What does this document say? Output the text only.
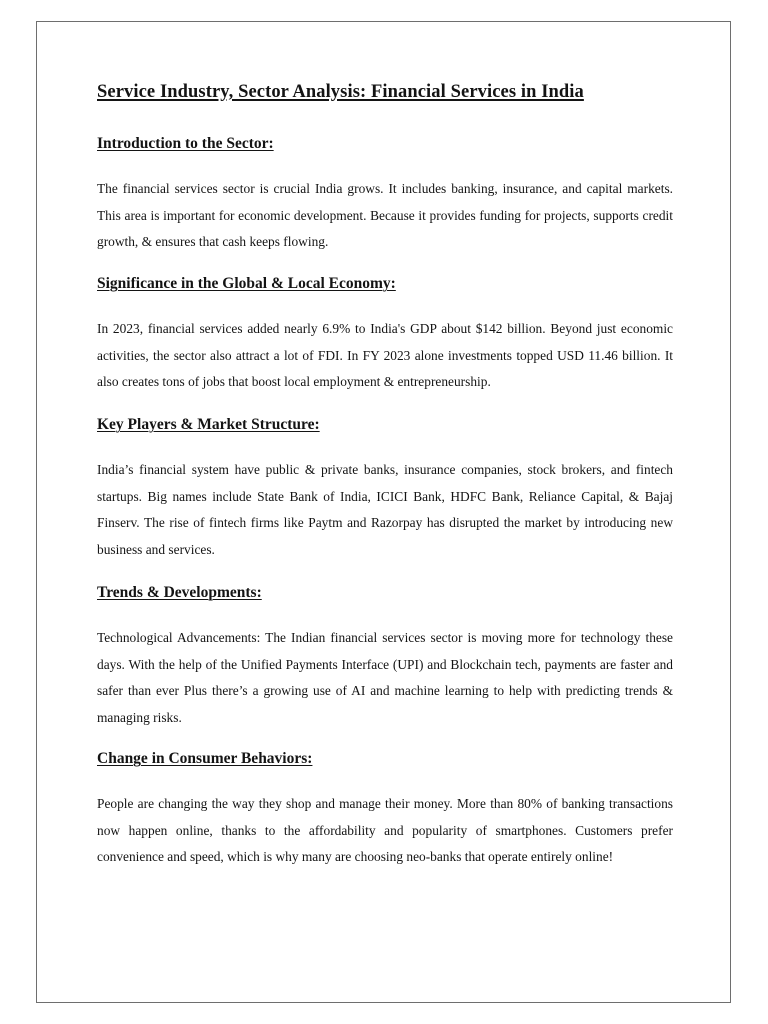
Service Industry, Sector Analysis: Financial Services in India
Introduction to the Sector:

The financial services sector is crucial India grows. It includes banking, insurance, and capital markets. This area is important for economic development. Because it provides funding for projects, supports credit growth, & ensures that cash keeps flowing.

Significance in the Global & Local Economy:

In 2023, financial services added nearly 6.9% to India's GDP about $142 billion. Beyond just economic activities, the sector also attract a lot of FDI. In FY 2023 alone investments topped USD 11.46 billion. It also creates tons of jobs that boost local employment & entrepreneurship.

Key Players & Market Structure:

India’s financial system have public & private banks, insurance companies, stock brokers, and fintech startups. Big names include State Bank of India, ICICI Bank, HDFC Bank, Reliance Capital, & Bajaj Finserv. The rise of fintech firms like Paytm and Razorpay has disrupted the market by introducing new business and services.

Trends & Developments:

Technological Advancements: The Indian financial services sector is moving more for technology these days. With the help of the Unified Payments Interface (UPI) and Blockchain tech, payments are faster and safer than ever Plus there’s a growing use of AI and machine learning to help with predicting trends & managing risks.

Change in Consumer Behaviors:

People are changing the way they shop and manage their money. More than 80% of banking transactions now happen online, thanks to the affordability and popularity of smartphones. Customers prefer convenience and speed, which is why many are choosing neo-banks that operate entirely online!
